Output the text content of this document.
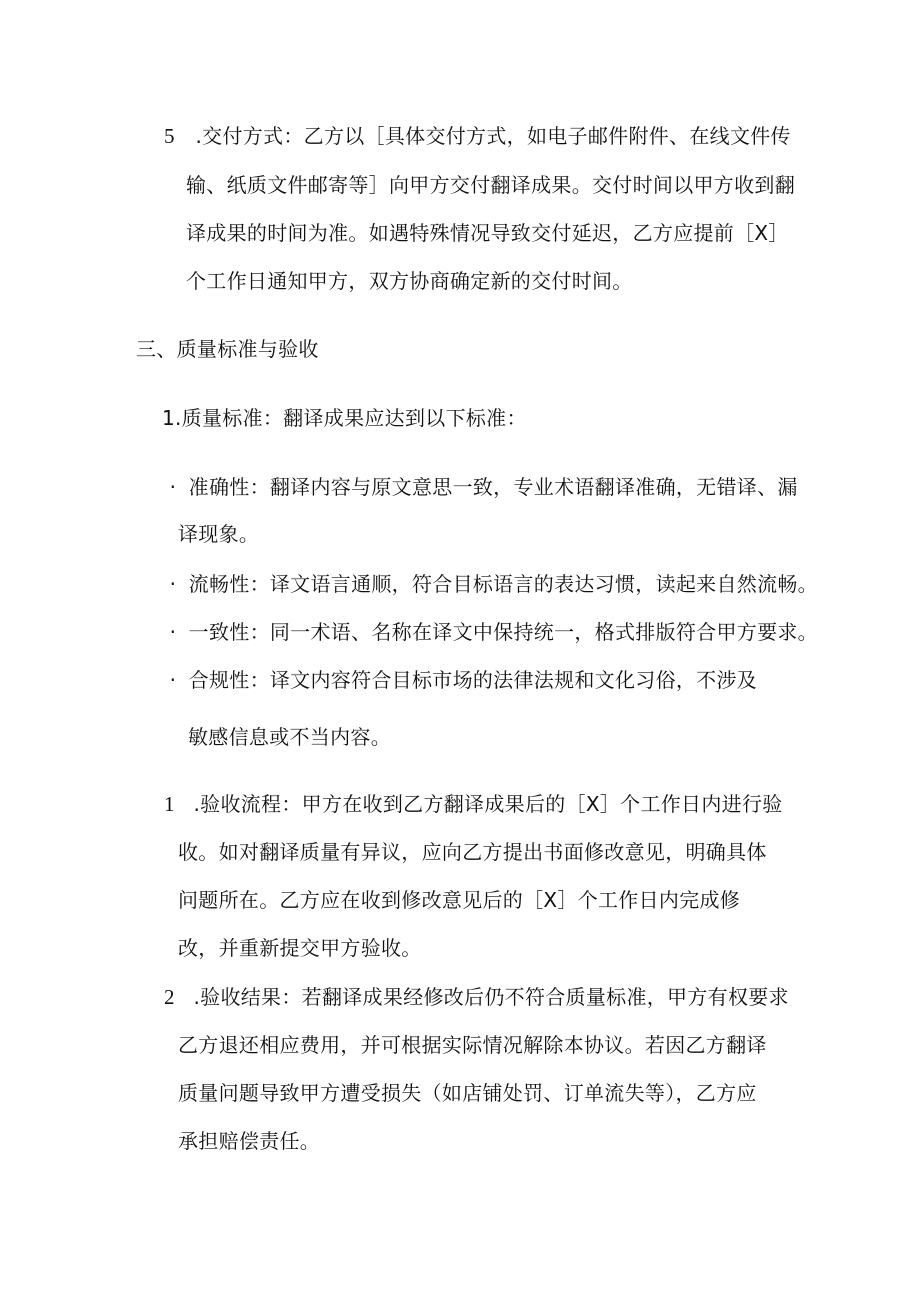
5 .交付方式：乙方以［具体交付方式，如电子邮件附件、在线文件传
输、纸质文件邮寄等］向甲方交付翻译成果。交付时间以甲方收到翻
译成果的时间为准。如遇特殊情况导致交付延迟，乙方应提前［X］
个工作日通知甲方，双方协商确定新的交付时间。
三、质量标准与验收
1.质量标准：翻译成果应达到以下标准：
· 准确性：翻译内容与原文意思一致，专业术语翻译准确，无错译、漏
译现象。
· 流畅性：译文语言通顺，符合目标语言的表达习惯，读起来自然流畅。
· 一致性：同一术语、名称在译文中保持统一，格式排版符合甲方要求。
· 合规性：译文内容符合目标市场的法律法规和文化习俗，不涉及
敏感信息或不当内容。
1 .验收流程：甲方在收到乙方翻译成果后的［X］个工作日内进行验
收。如对翻译质量有异议，应向乙方提出书面修改意见，明确具体
问题所在。乙方应在收到修改意见后的［X］个工作日内完成修
改，并重新提交甲方验收。
2 .验收结果：若翻译成果经修改后仍不符合质量标准，甲方有权要求
乙方退还相应费用，并可根据实际情况解除本协议。若因乙方翻译
质量问题导致甲方遭受损失（如店铺处罚、订单流失等），乙方应
承担赔偿责任。
